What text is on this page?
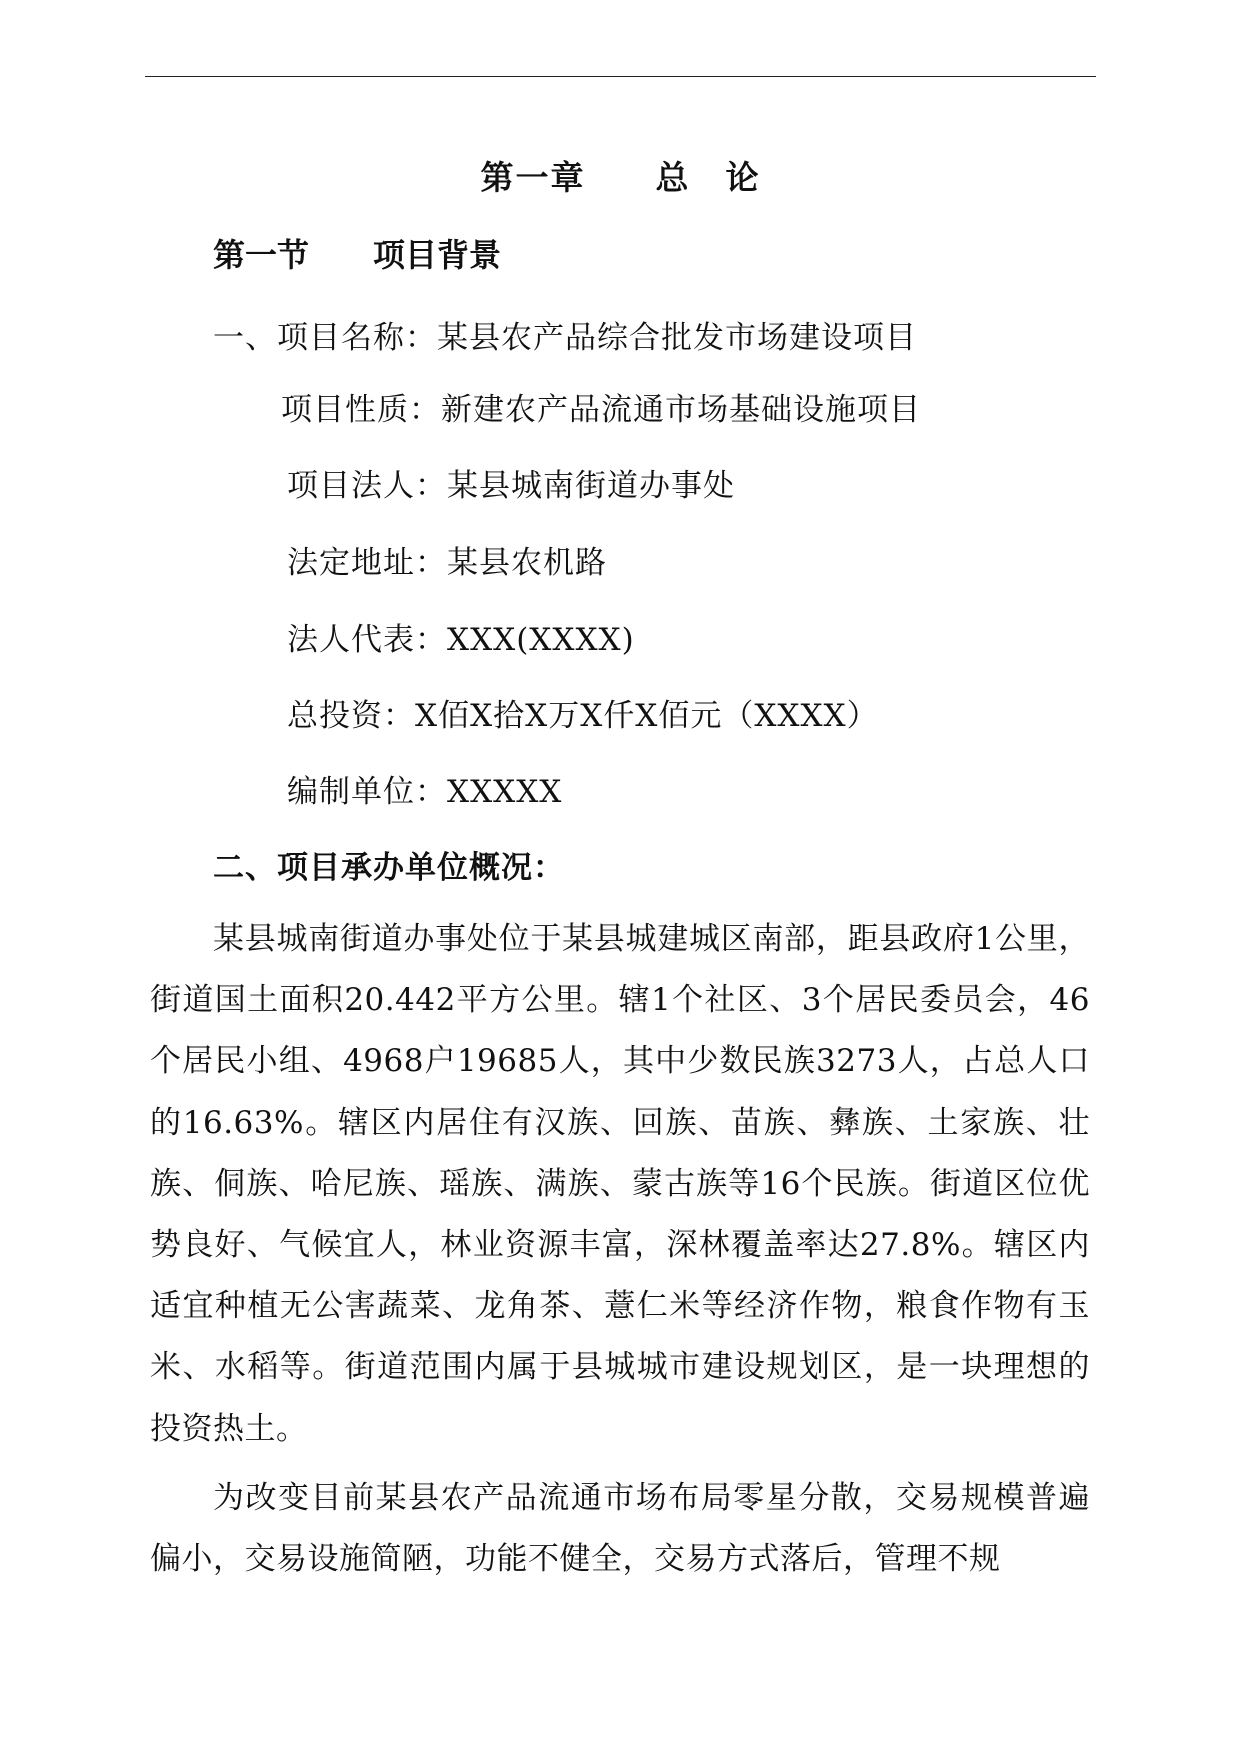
第一章　　总　论
第一节　　项目背景
一、项目名称：某县农产品综合批发市场建设项目
项目性质：新建农产品流通市场基础设施项目
项目法人：某县城南街道办事处
法定地址：某县农机路
法人代表：XXX(XXXX)
总投资：X佰X拾X万X仟X佰元（XXXX）
编制单位：XXXXX
二、项目承办单位概况：
某县城南街道办事处位于某县城建城区南部，距县政府1公里，街道国土面积20.442平方公里。辖1个社区、3个居民委员会，46个居民小组、4968户19685人，其中少数民族3273人，占总人口的16.63%。辖区内居住有汉族、回族、苗族、彝族、土家族、壮族、侗族、哈尼族、瑶族、满族、蒙古族等16个民族。街道区位优势良好、气候宜人，林业资源丰富，深林覆盖率达27.8%。辖区内适宜种植无公害蔬菜、龙角茶、薏仁米等经济作物，粮食作物有玉米、水稻等。街道范围内属于县城城市建设规划区，是一块理想的投资热土。
为改变目前某县农产品流通市场布局零星分散，交易规模普遍偏小，交易设施简陋，功能不健全，交易方式落后，管理不规
